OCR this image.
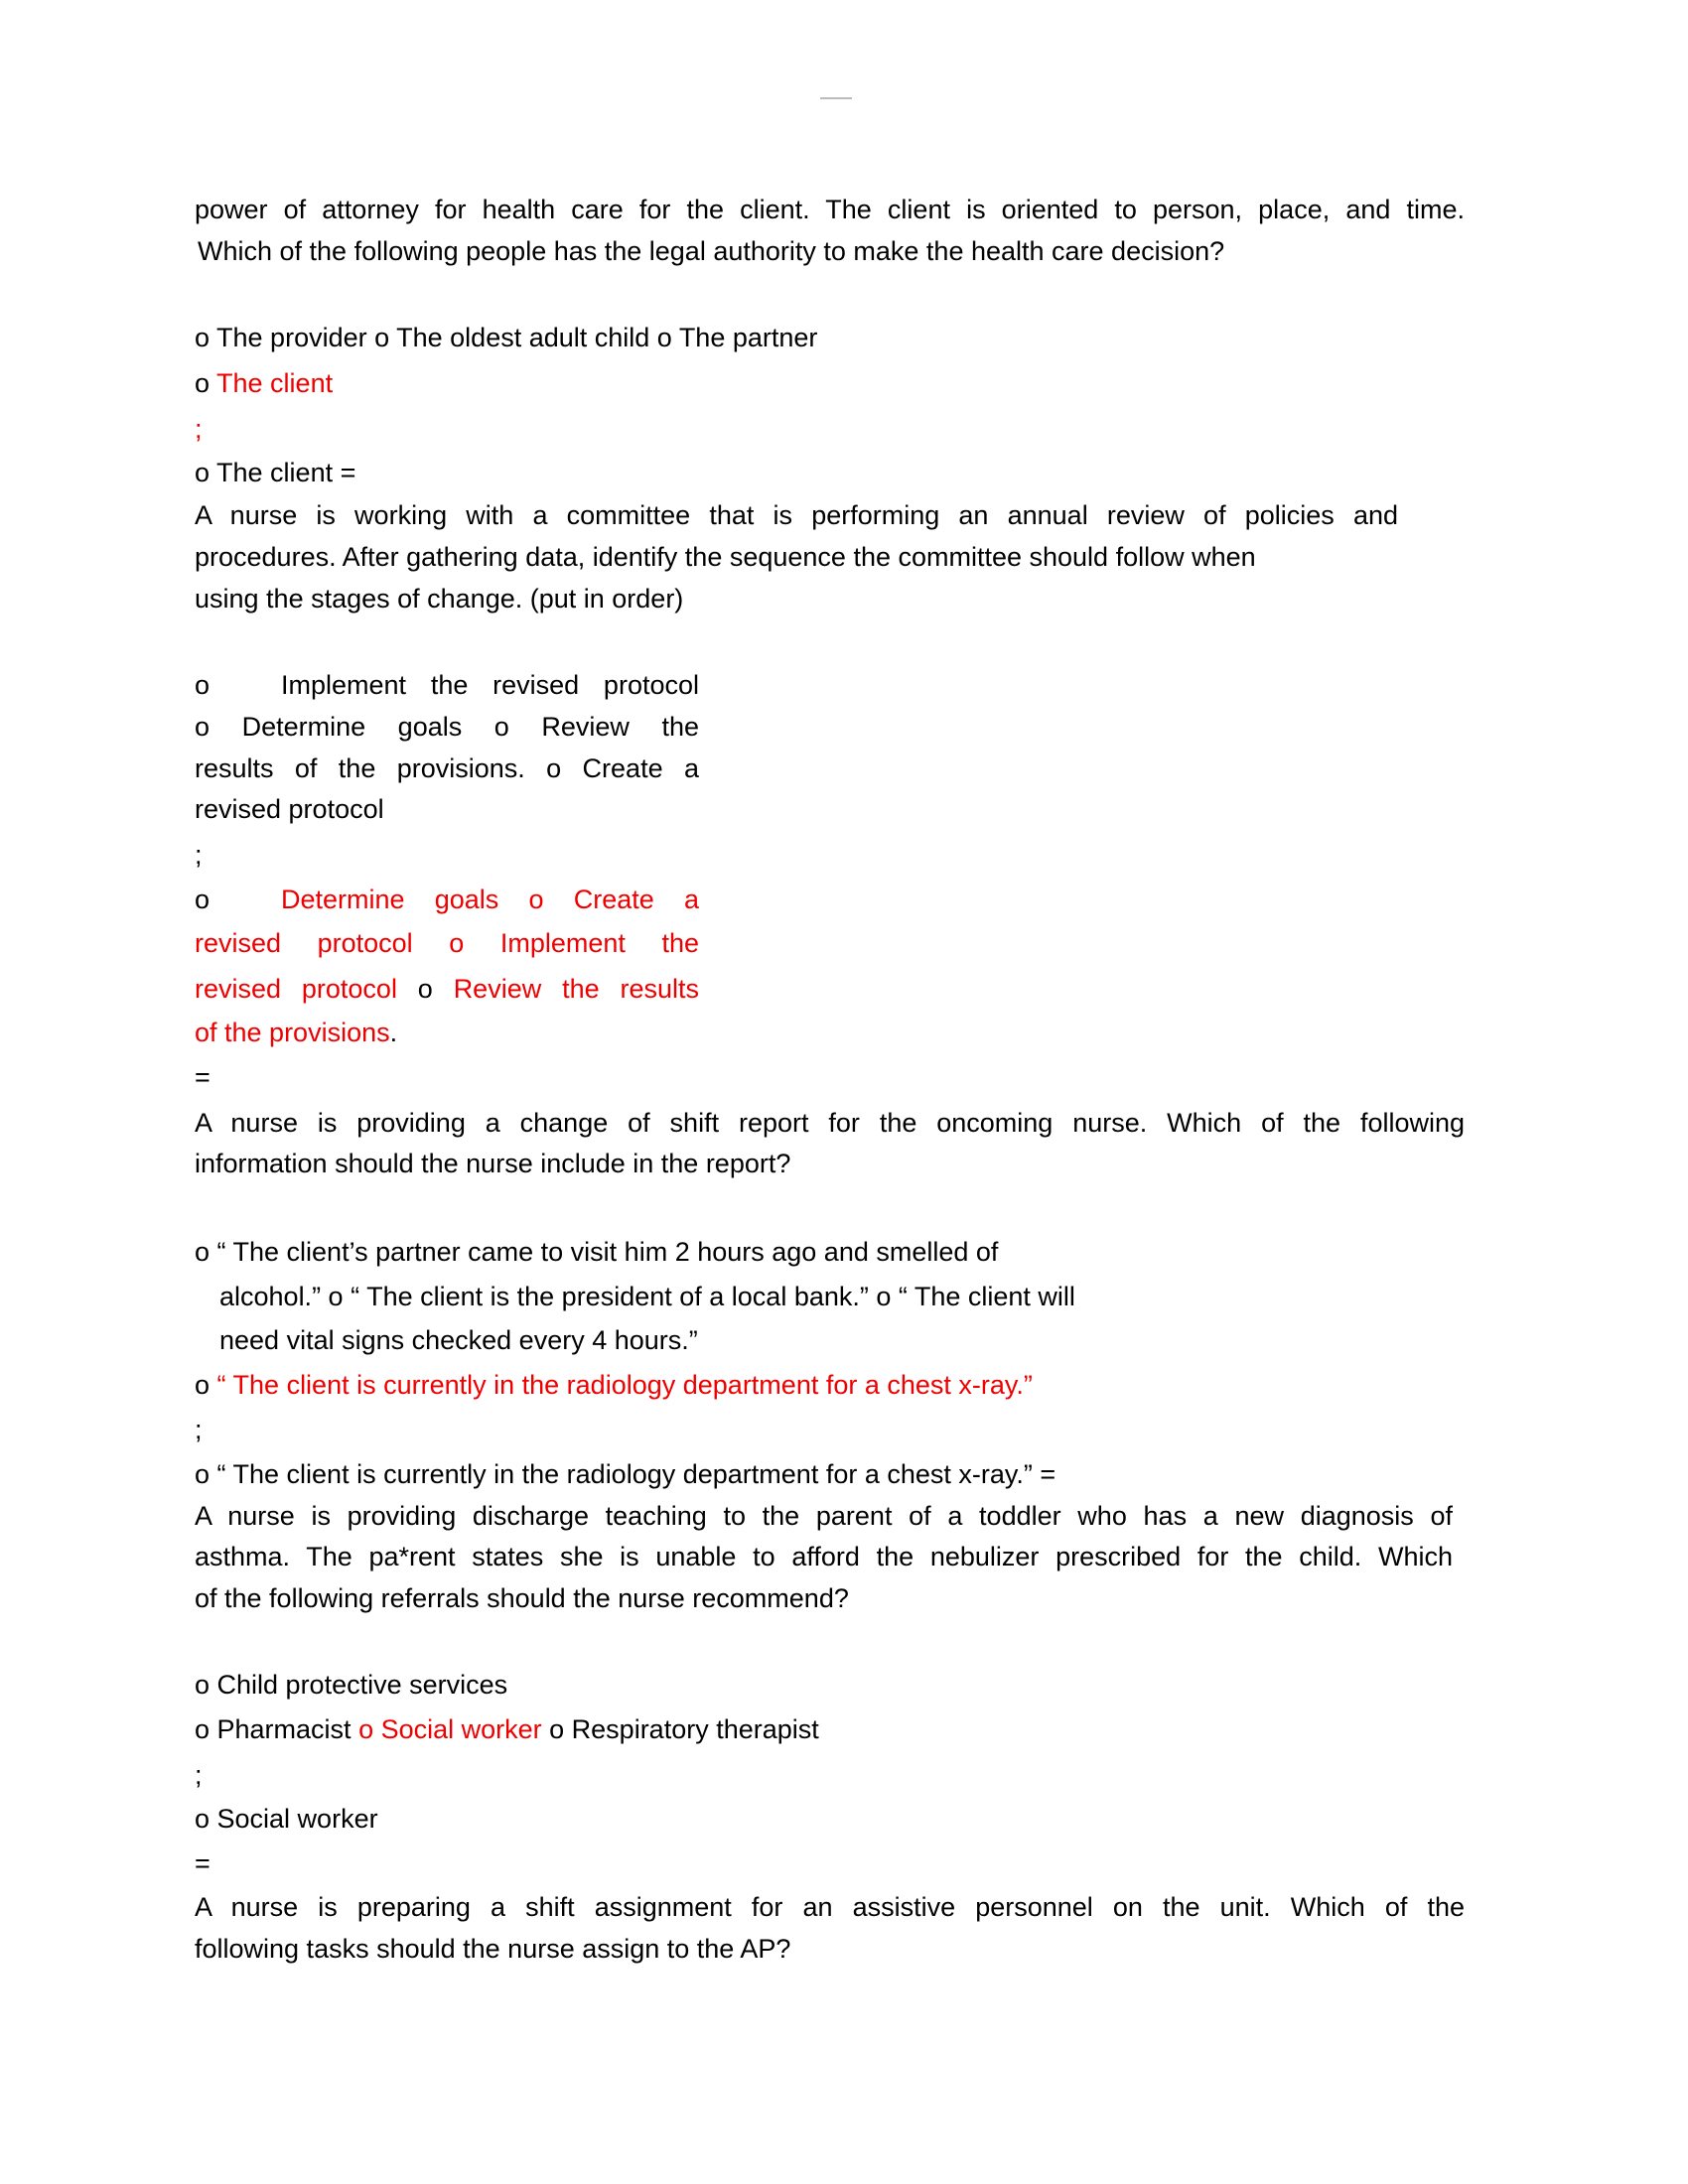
power of attorney for health care for the client. The client is oriented to person, place, and time.
Which of the following people has the legal authority to make the health care decision?
o The provider o The oldest adult child o The partner
o The client
;
o The client =
A nurse is working with a committee that is performing an annual review of policies and
procedures. After gathering data, identify the sequence the committee should follow when
using the stages of change. (put in order)
o	Implement the revised protocol
o Determine goals o Review the
results of the provisions. o Create a
revised protocol
;
o	Determine goals o Create a
revised protocol o Implement the
revised protocol o Review the results
of the provisions.
=
A nurse is providing a change of shift report for the oncoming nurse. Which of the following
information should the nurse include in the report?
o “ The client’s partner came to visit him 2 hours ago and smelled of
alcohol.” o “ The client is the president of a local bank.” o “ The client will
need vital signs checked every 4 hours.”
o “ The client is currently in the radiology department for a chest x-ray.”
;
o “ The client is currently in the radiology department for a chest x-ray.” =
A nurse is providing discharge teaching to the parent of a toddler who has a new diagnosis of
asthma. The pa*rent states she is unable to afford the nebulizer prescribed for the child. Which
of the following referrals should the nurse recommend?
o Child protective services
o Pharmacist o Social worker o Respiratory therapist
;
o Social worker
=
A nurse is preparing a shift assignment for an assistive personnel on the unit. Which of the
following tasks should the nurse assign to the AP?
